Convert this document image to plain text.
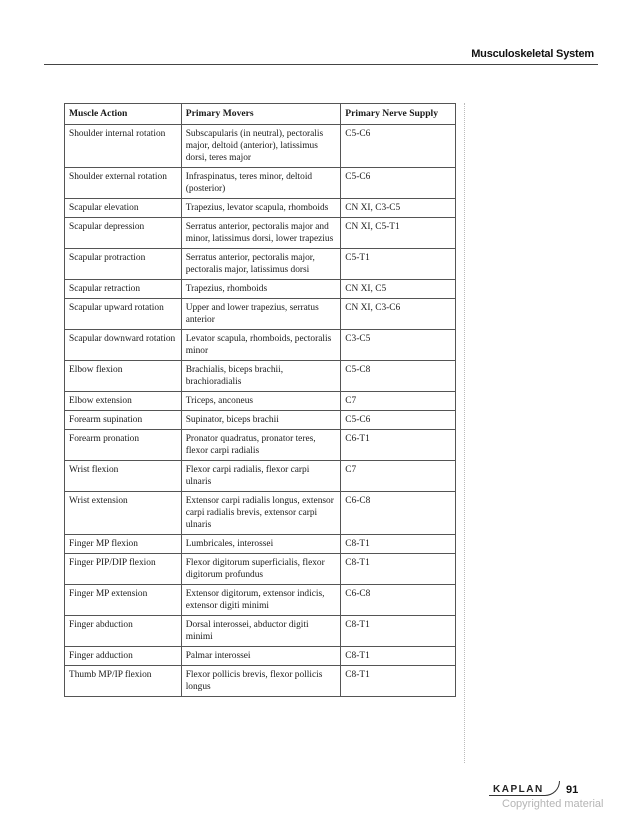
Musculoskeletal System
Muscle Action	Primary Movers	Primary Nerve Supply
Shoulder internal rotation	Subscapularis (in neutral), pectoralis major, deltoid (anterior), latissimus dorsi, teres major	C5-C6
Shoulder external rotation	Infraspinatus, teres minor, deltoid (posterior)	C5-C6
Scapular elevation	Trapezius, levator scapula, rhomboids	CN XI, C3-C5
Scapular depression	Serratus anterior, pectoralis major and minor, latissimus dorsi, lower trapezius	CN XI, C5-T1
Scapular protraction	Serratus anterior, pectoralis major, pectoralis major, latissimus dorsi	C5-T1
Scapular retraction	Trapezius, rhomboids	CN XI, C5
Scapular upward rotation	Upper and lower trapezius, serratus anterior	CN XI, C3-C6
Scapular downward rotation	Levator scapula, rhomboids, pectoralis minor	C3-C5
Elbow flexion	Brachialis, biceps brachii, brachioradialis	C5-C8
Elbow extension	Triceps, anconeus	C7
Forearm supination	Supinator, biceps brachii	C5-C6
Forearm pronation	Pronator quadratus, pronator teres, flexor carpi radialis	C6-T1
Wrist flexion	Flexor carpi radialis, flexor carpi ulnaris	C7
Wrist extension	Extensor carpi radialis longus, extensor carpi radialis brevis, extensor carpi ulnaris	C6-C8
Finger MP flexion	Lumbricales, interossei	C8-T1
Finger PIP/DIP flexion	Flexor digitorum superficialis, flexor digitorum profundus	C8-T1
Finger MP extension	Extensor digitorum, extensor indicis, extensor digiti minimi	C6-C8
Finger abduction	Dorsal interossei, abductor digiti minimi	C8-T1
Finger adduction	Palmar interossei	C8-T1
Thumb MP/IP flexion	Flexor pollicis brevis, flexor pollicis longus	C8-T1
KAPLAN 91
Copyrighted material
